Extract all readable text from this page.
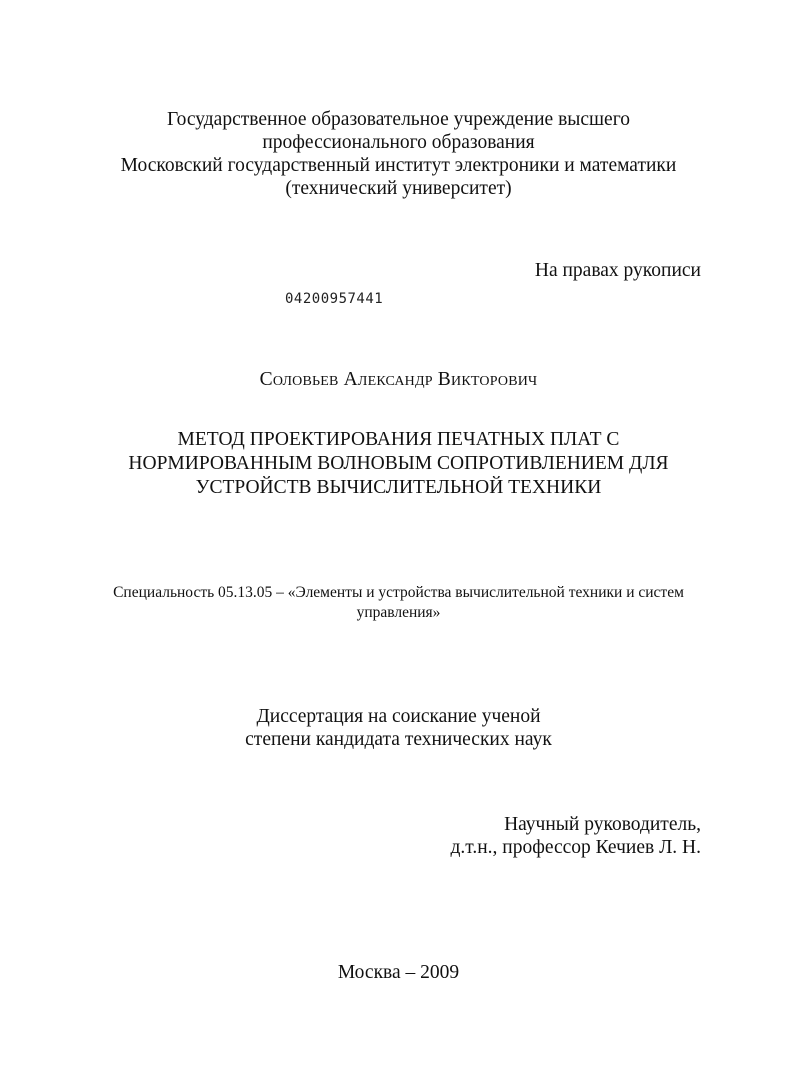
Государственное образовательное учреждение высшего
профессионального образования
Московский государственный институт электроники и математики
(технический университет)
На правах рукописи
04200957441
Соловьев Александр Викторович
МЕТОД ПРОЕКТИРОВАНИЯ ПЕЧАТНЫХ ПЛАТ С
НОРМИРОВАННЫМ ВОЛНОВЫМ СОПРОТИВЛЕНИЕМ ДЛЯ
УСТРОЙСТВ ВЫЧИСЛИТЕЛЬНОЙ ТЕХНИКИ
Специальность 05.13.05 – «Элементы и устройства вычислительной техники и систем
управления»
Диссертация на соискание ученой
степени кандидата технических наук
Научный руководитель,
д.т.н., профессор Кечиев Л. Н.
Москва – 2009
